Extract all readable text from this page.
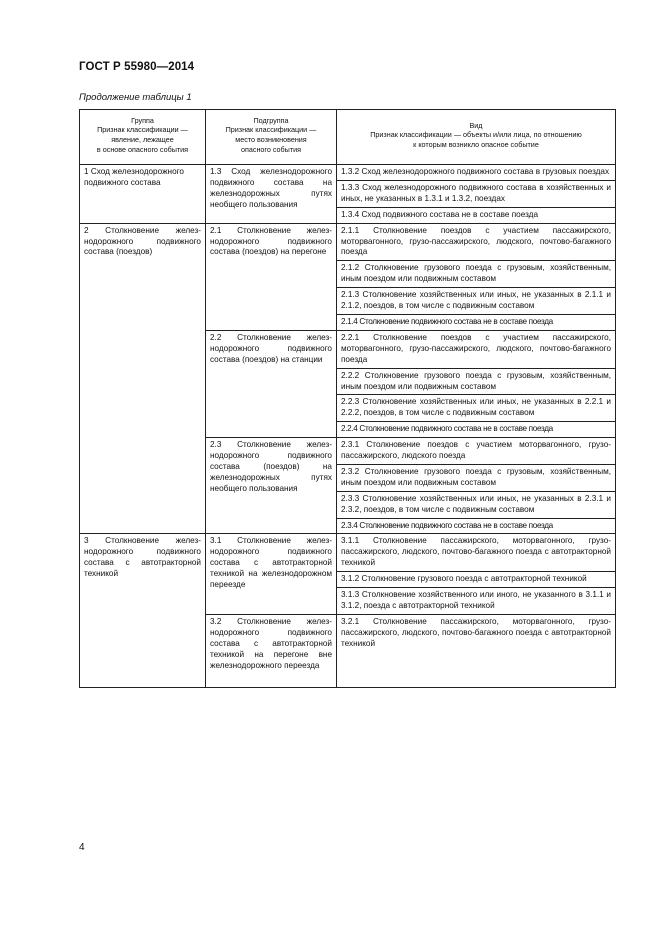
ГОСТ Р 55980—2014
Продолжение таблицы 1
Группа
Признак классификации —
явление, лежащее
в основе опасного события	Подгруппа
Признак классификации —
место возникновения
опасного события	Вид
Признак классификации — объекты и/или лица, по отношению
к которым возникло опасное событие

1 Сход железнодорожного подвижного состава	1.3 Сход железнодорожного подвижного состава на железнодорожных путях необщего пользования	1.3.2 Сход железнодорожного подвижного состава в грузовых поездах
		1.3.3 Сход железнодорожного подвижного состава в хозяйственных и иных, не указанных в 1.3.1 и 1.3.2, поездах
		1.3.4 Сход подвижного состава не в составе поезда
2 Столкновение железнодорожного подвижного состава (поездов)	2.1 Столкновение железнодорожного подвижного состава (поездов) на перегоне	2.1.1 Столкновение поездов с участием пассажирского, моторвагонного, грузо-пассажирского, людского, почтово-багажного поезда
		2.1.2 Столкновение грузового поезда с грузовым, хозяйственным, иным поездом или подвижным составом
		2.1.3 Столкновение хозяйственных или иных, не указанных в 2.1.1 и 2.1.2, поездов, в том числе с подвижным составом
		2.1.4 Столкновение подвижного состава не в составе поезда
	2.2 Столкновение железнодорожного подвижного состава (поездов) на станции	2.2.1 Столкновение поездов с участием пассажирского, моторвагонного, грузо-пассажирского, людского, почтово-багажного поезда
		2.2.2 Столкновение грузового поезда с грузовым, хозяйственным, иным поездом или подвижным составом
		2.2.3 Столкновение хозяйственных или иных, не указанных в 2.2.1 и 2.2.2, поездов, в том числе с подвижным составом
		2.2.4 Столкновение подвижного состава не в составе поезда
	2.3 Столкновение железнодорожного подвижного состава (поездов) на железнодорожных путях необщего пользования	2.3.1 Столкновение поездов с участием моторвагонного, грузо-пассажирского, людского поезда
		2.3.2 Столкновение грузового поезда с грузовым, хозяйственным, иным поездом или подвижным составом
		2.3.3 Столкновение хозяйственных или иных, не указанных в 2.3.1 и 2.3.2, поездов, в том числе с подвижным составом
		2.3.4 Столкновение подвижного состава не в составе поезда
3 Столкновение железнодорожного подвижного состава с автотракторной техникой	3.1 Столкновение железнодорожного подвижного состава с автотракторной техникой на железнодорожном переезде	3.1.1 Столкновение пассажирского, моторвагонного, грузо-пассажирского, людского, почтово-багажного поезда с автотракторной техникой
		3.1.2 Столкновение грузового поезда с автотракторной техникой
		3.1.3 Столкновение хозяйственного или иного, не указанного в 3.1.1 и 3.1.2, поезда с автотракторной техникой
	3.2 Столкновение железнодорожного подвижного состава с автотракторной техникой на перегоне вне железнодорожного переезда	3.2.1 Столкновение пассажирского, моторвагонного, грузо-пассажирского, людского, почтово-багажного поезда с автотракторной техникой
4
